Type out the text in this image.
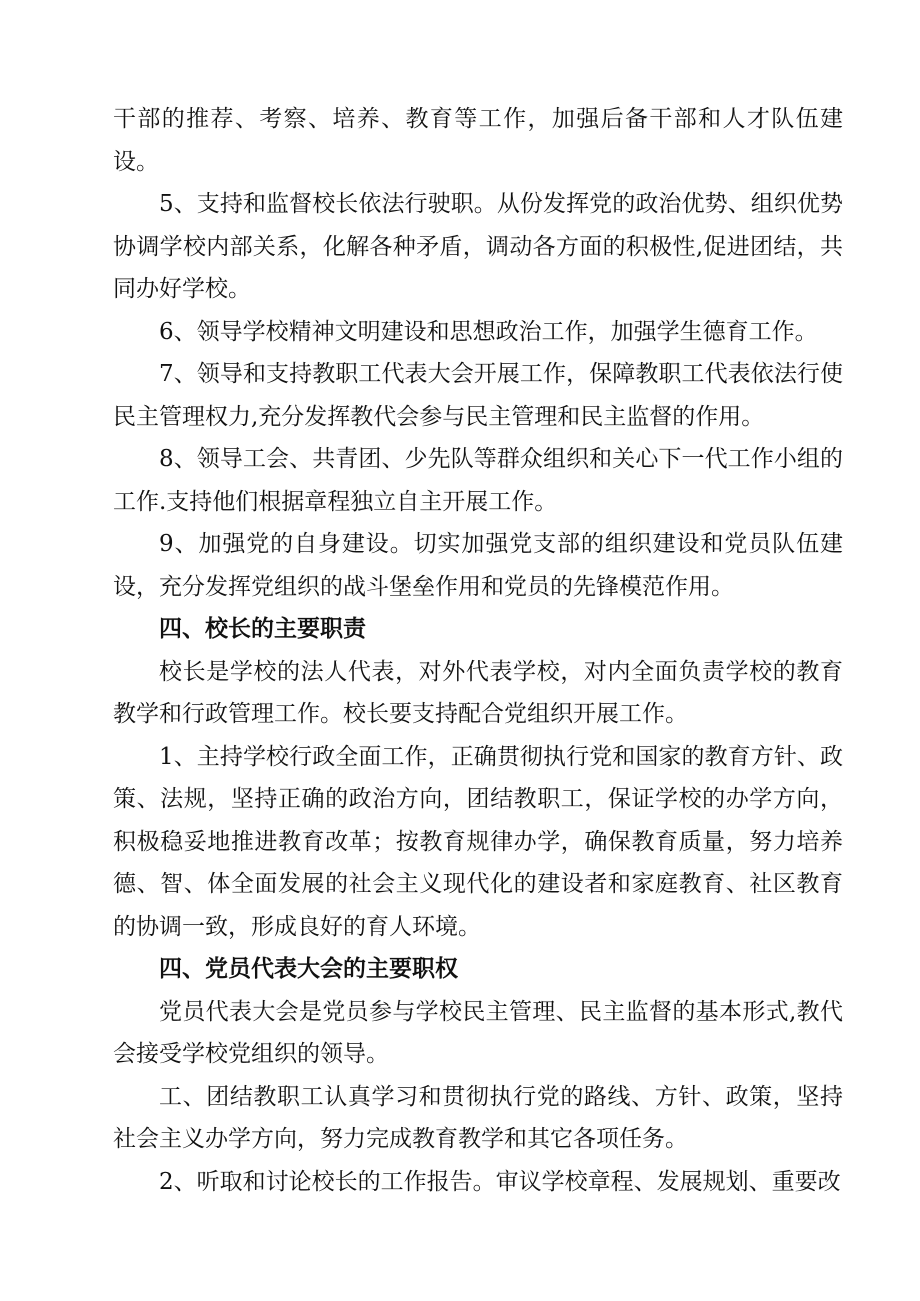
干部的推荐、考察、培养、教育等工作，加强后备干部和人才队伍建设。

5、支持和监督校长依法行驶职。从份发挥党的政治优势、组织优势协调学校内部关系，化解各种矛盾，调动各方面的积极性,促进团结，共同办好学校。

6、领导学校精神文明建设和思想政治工作，加强学生德育工作。

7、领导和支持教职工代表大会开展工作，保障教职工代表依法行使民主管理权力,充分发挥教代会参与民主管理和民主监督的作用。

8、领导工会、共青团、少先队等群众组织和关心下一代工作小组的工作.支持他们根据章程独立自主开展工作。

9、加强党的自身建设。切实加强党支部的组织建设和党员队伍建设，充分发挥党组织的战斗堡垒作用和党员的先锋模范作用。

四、校长的主要职责

校长是学校的法人代表，对外代表学校，对内全面负责学校的教育教学和行政管理工作。校长要支持配合党组织开展工作。

1、主持学校行政全面工作，正确贯彻执行党和国家的教育方针、政策、法规，坚持正确的政治方向，团结教职工，保证学校的办学方向，积极稳妥地推进教育改革；按教育规律办学，确保教育质量，努力培养德、智、体全面发展的社会主义现代化的建设者和家庭教育、社区教育的协调一致，形成良好的育人环境。

四、党员代表大会的主要职权

党员代表大会是党员参与学校民主管理、民主监督的基本形式,教代会接受学校党组织的领导。

工、团结教职工认真学习和贯彻执行党的路线、方针、政策，坚持社会主义办学方向，努力完成教育教学和其它各项任务。

2、听取和讨论校长的工作报告。审议学校章程、发展规划、重要改
